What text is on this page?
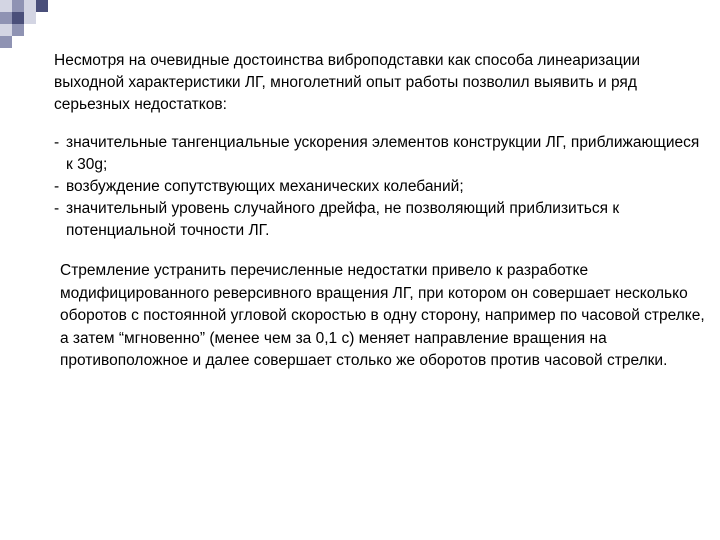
Несмотря на очевидные достоинства виброподставки как способа линеаризации выходной характеристики ЛГ, многолетний опыт работы позволил выявить и ряд серьезных недостатков:

- значительные тангенциальные ускорения элементов конструкции ЛГ, приближающиеся к 30g;
- возбуждение сопутствующих механических колебаний;
- значительный уровень случайного дрейфа, не позволяющий приблизиться к потенциальной точности ЛГ.

Стремление устранить перечисленные недостатки привело к разработке модифицированного реверсивного вращения ЛГ, при котором он совершает несколько оборотов с постоянной угловой скоростью в одну сторону, например по часовой стрелке, а затем “мгновенно” (менее чем за 0,1 с) меняет направление вращения на противоположное и далее совершает столько же оборотов против часовой стрелки.
